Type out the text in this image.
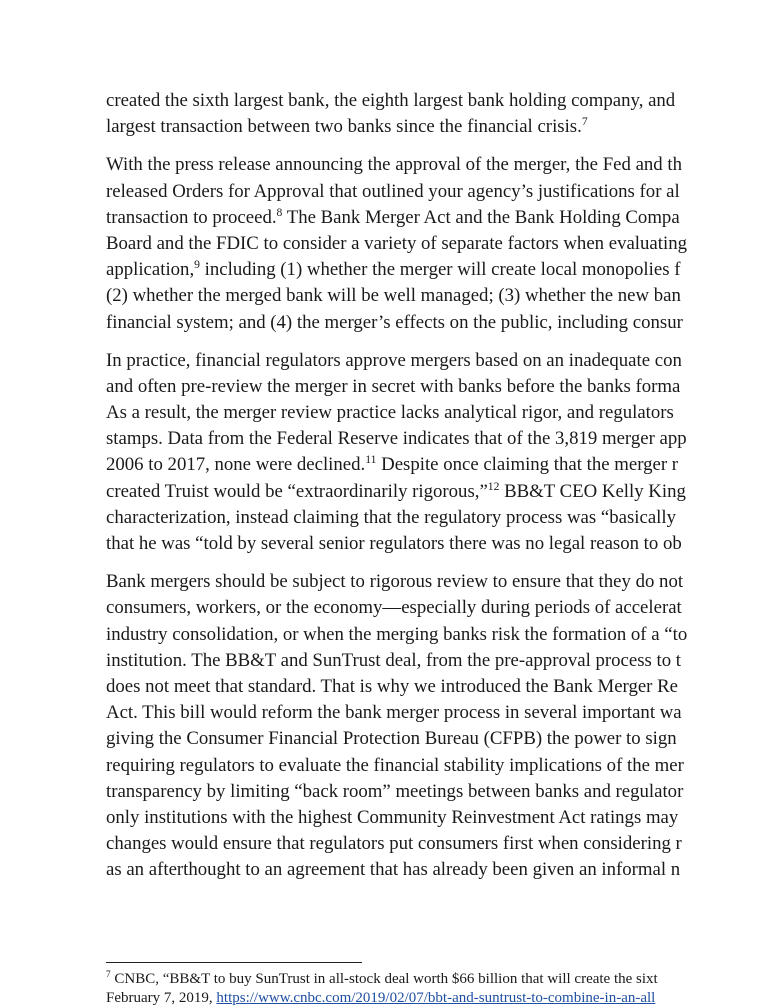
created the sixth largest bank, the eighth largest bank holding company, and
largest transaction between two banks since the financial crisis.$^7$
With the press release announcing the approval of the merger, the Fed and th
released Orders for Approval that outlined your agency’s justifications for al
transaction to proceed.$^8$ The Bank Merger Act and the Bank Holding Compa
Board and the FDIC to consider a variety of separate factors when evaluating
application,$^9$ including (1) whether the merger will create local monopolies f
(2) whether the merged bank will be well managed; (3) whether the new ban
financial system; and (4) the merger’s effects on the public, including consur
In practice, financial regulators approve mergers based on an inadequate con
and often pre-review the merger in secret with banks before the banks forma
As a result, the merger review practice lacks analytical rigor, and regulators
stamps. Data from the Federal Reserve indicates that of the 3,819 merger app
2006 to 2017, none were declined.$^{11}$ Despite once claiming that the merger r
created Truist would be “extraordinarily rigorous,”$^{12}$ BB&T CEO Kelly King
characterization, instead claiming that the regulatory process was “basically
that he was “told by several senior regulators there was no legal reason to ob
Bank mergers should be subject to rigorous review to ensure that they do not
consumers, workers, or the economy—especially during periods of accelerat
industry consolidation, or when the merging banks risk the formation of a “to
institution. The BB&T and SunTrust deal, from the pre-approval process to t
does not meet that standard. That is why we introduced the Bank Merger Re
Act. This bill would reform the bank merger process in several important wa
giving the Consumer Financial Protection Bureau (CFPB) the power to sign
requiring regulators to evaluate the financial stability implications of the mer
transparency by limiting “back room” meetings between banks and regulator
only institutions with the highest Community Reinvestment Act ratings may
changes would ensure that regulators put consumers first when considering r
as an afterthought to an agreement that has already been given an informal n
$^7$ CNBC, “BB&T to buy SunTrust in all-stock deal worth $66 billion that will create the sixt
February 7, 2019, https://www.cnbc.com/2019/02/07/bbt-and-suntrust-to-combine-in-an-all
